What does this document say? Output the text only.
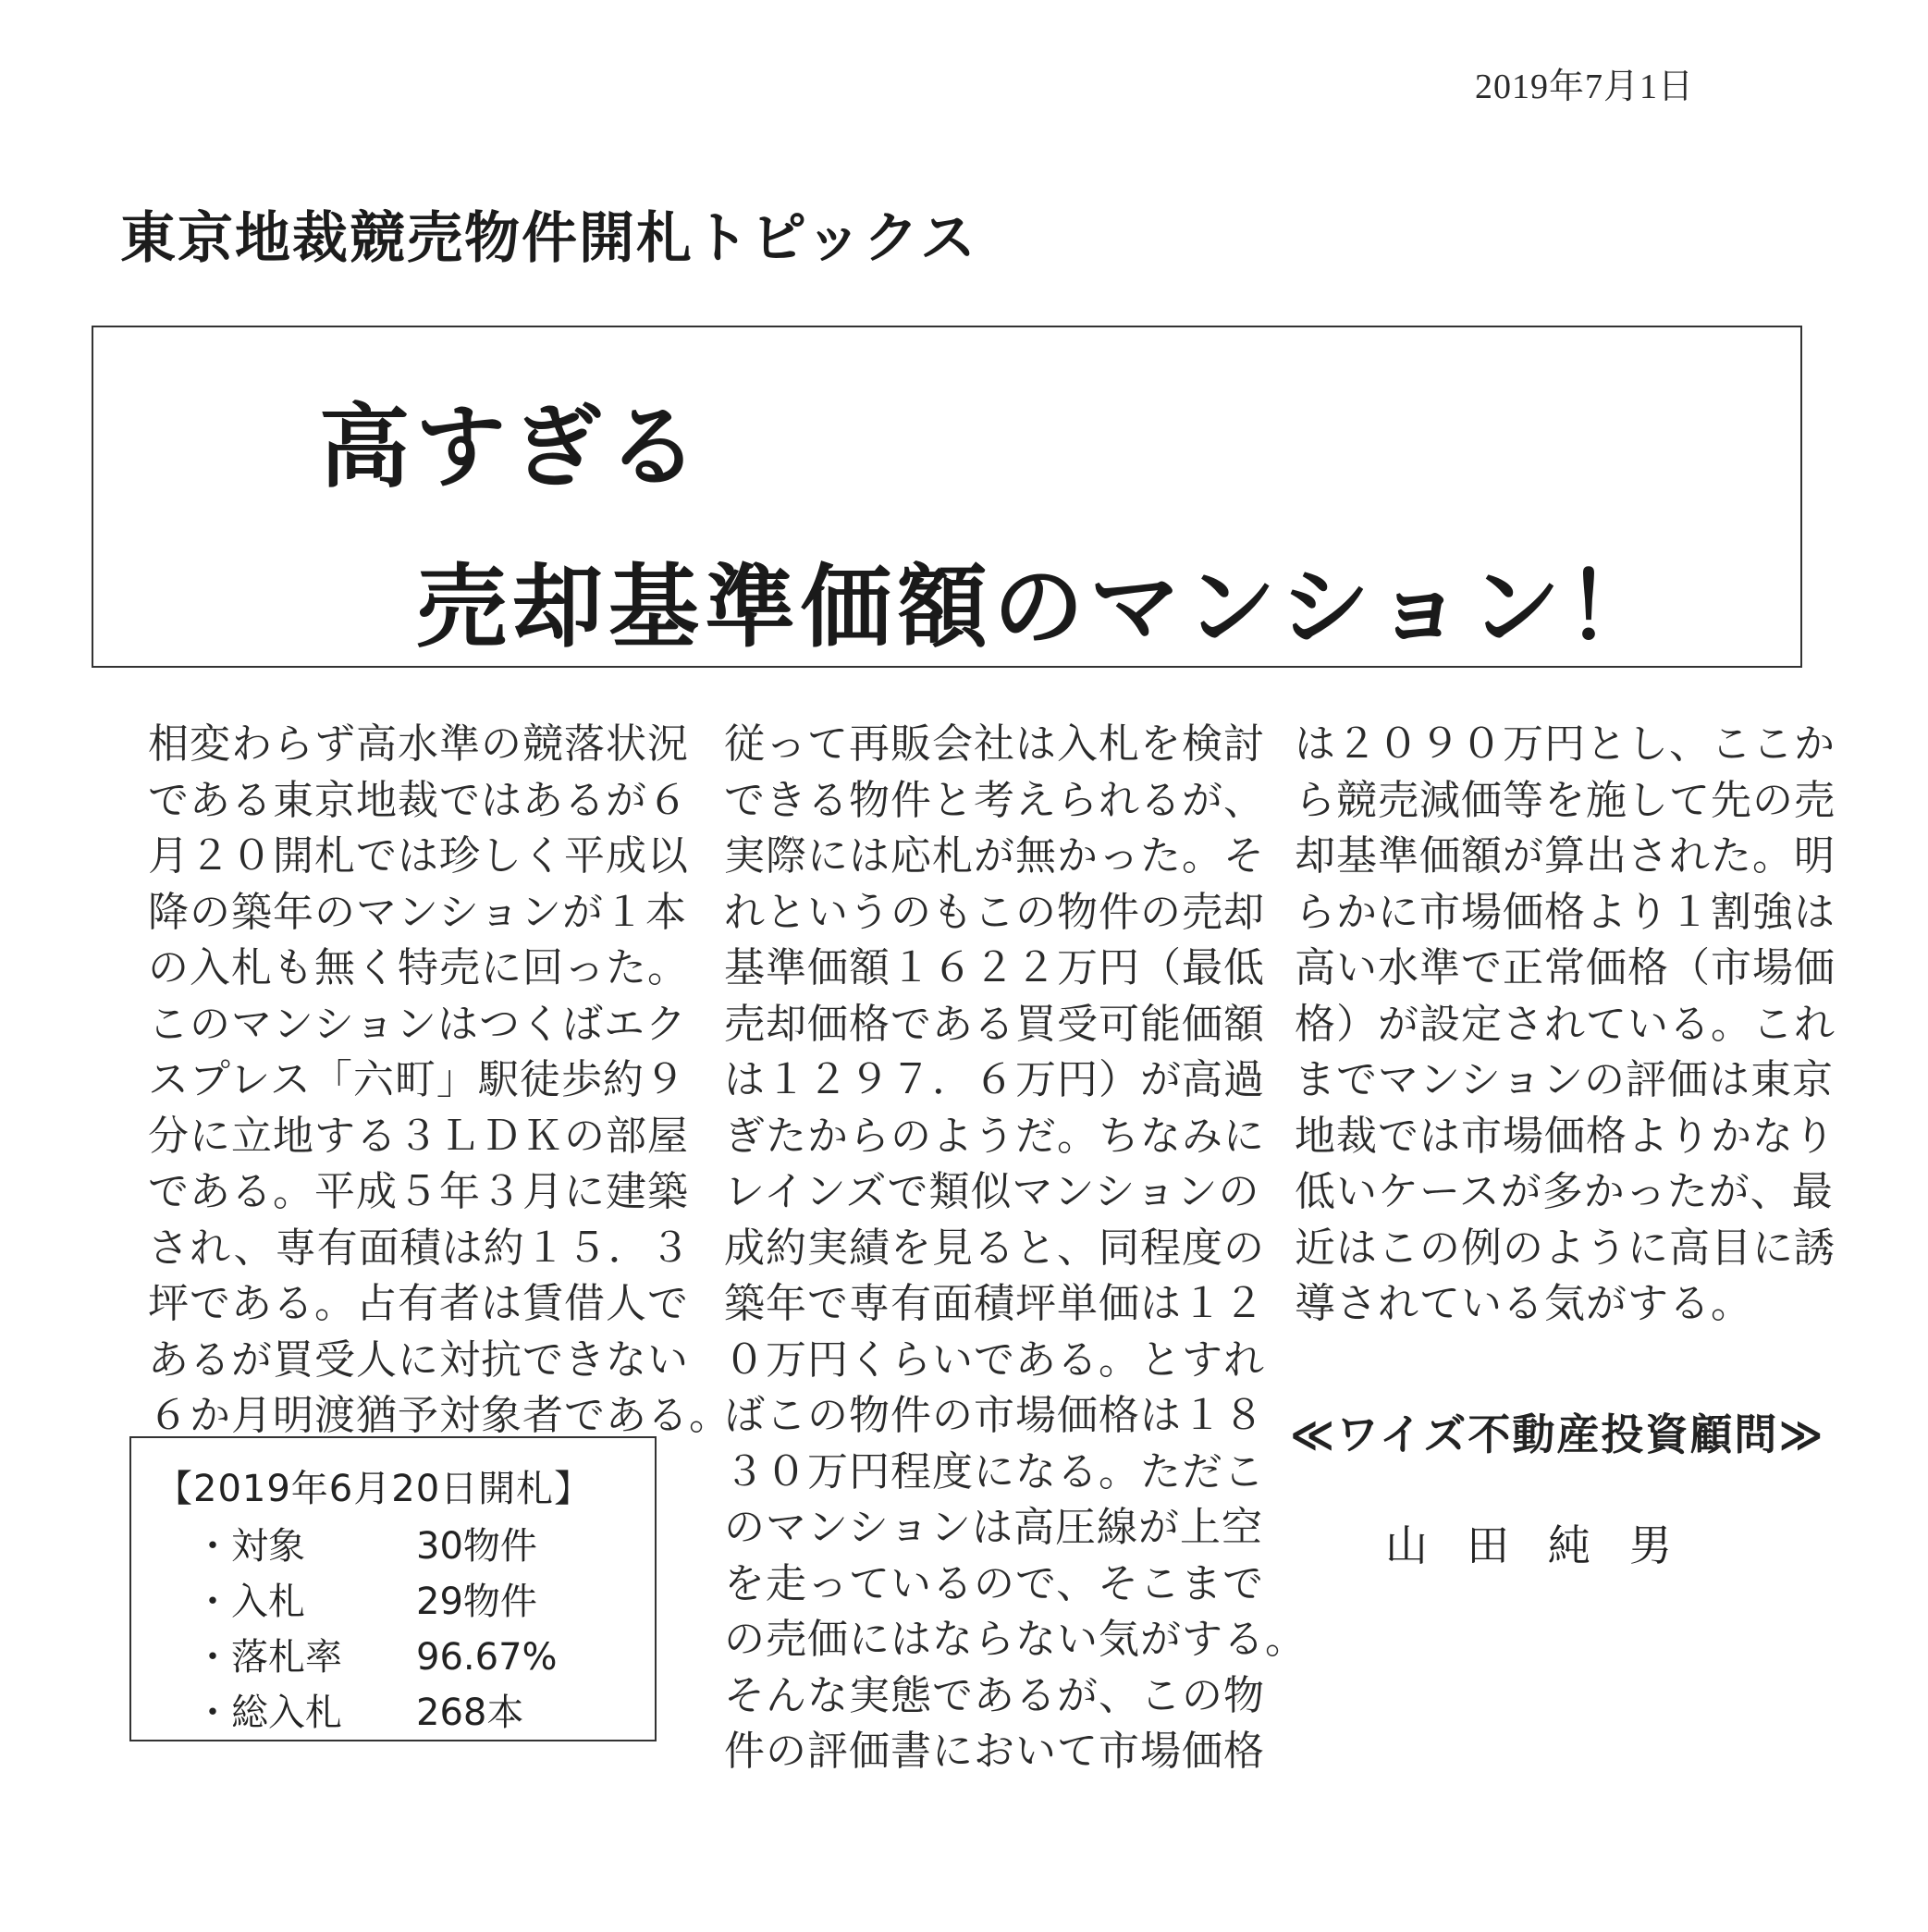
2019年7月1日
東京地裁競売物件開札トピックス
高すぎる
売却基準価額のマンション！
相変わらず高水準の競落状況
である東京地裁ではあるが６
月２０開札では珍しく平成以
降の築年のマンションが１本
の入札も無く特売に回った。
このマンションはつくばエク
スプレス「六町」駅徒歩約９
分に立地する３ＬＤＫの部屋
である。平成５年３月に建築
され、専有面積は約１５．３
坪である。占有者は賃借人で
あるが買受人に対抗できない
６か月明渡猶予対象者である。
従って再販会社は入札を検討
できる物件と考えられるが、
実際には応札が無かった。そ
れというのもこの物件の売却
基準価額１６２２万円（最低
売却価格である買受可能価額
は１２９７．６万円）が高過
ぎたからのようだ。ちなみに
レインズで類似マンションの
成約実績を見ると、同程度の
築年で専有面積坪単価は１２
０万円くらいである。とすれ
ばこの物件の市場価格は１８
３０万円程度になる。ただこ
のマンションは高圧線が上空
を走っているので、そこまで
の売価にはならない気がする。
そんな実態であるが、この物
件の評価書において市場価格
は２０９０万円とし、ここか
ら競売減価等を施して先の売
却基準価額が算出された。明
らかに市場価格より１割強は
高い水準で正常価格（市場価
格）が設定されている。これ
までマンションの評価は東京
地裁では市場価格よりかなり
低いケースが多かったが、最
近はこの例のように高目に誘
導されている気がする。
【2019年6月20日開札】
・対象	30物件
・入札	29物件
・落札率 96.67%
・総入札 268本
≪ワイズ不動産投資顧問≫
山田純男
